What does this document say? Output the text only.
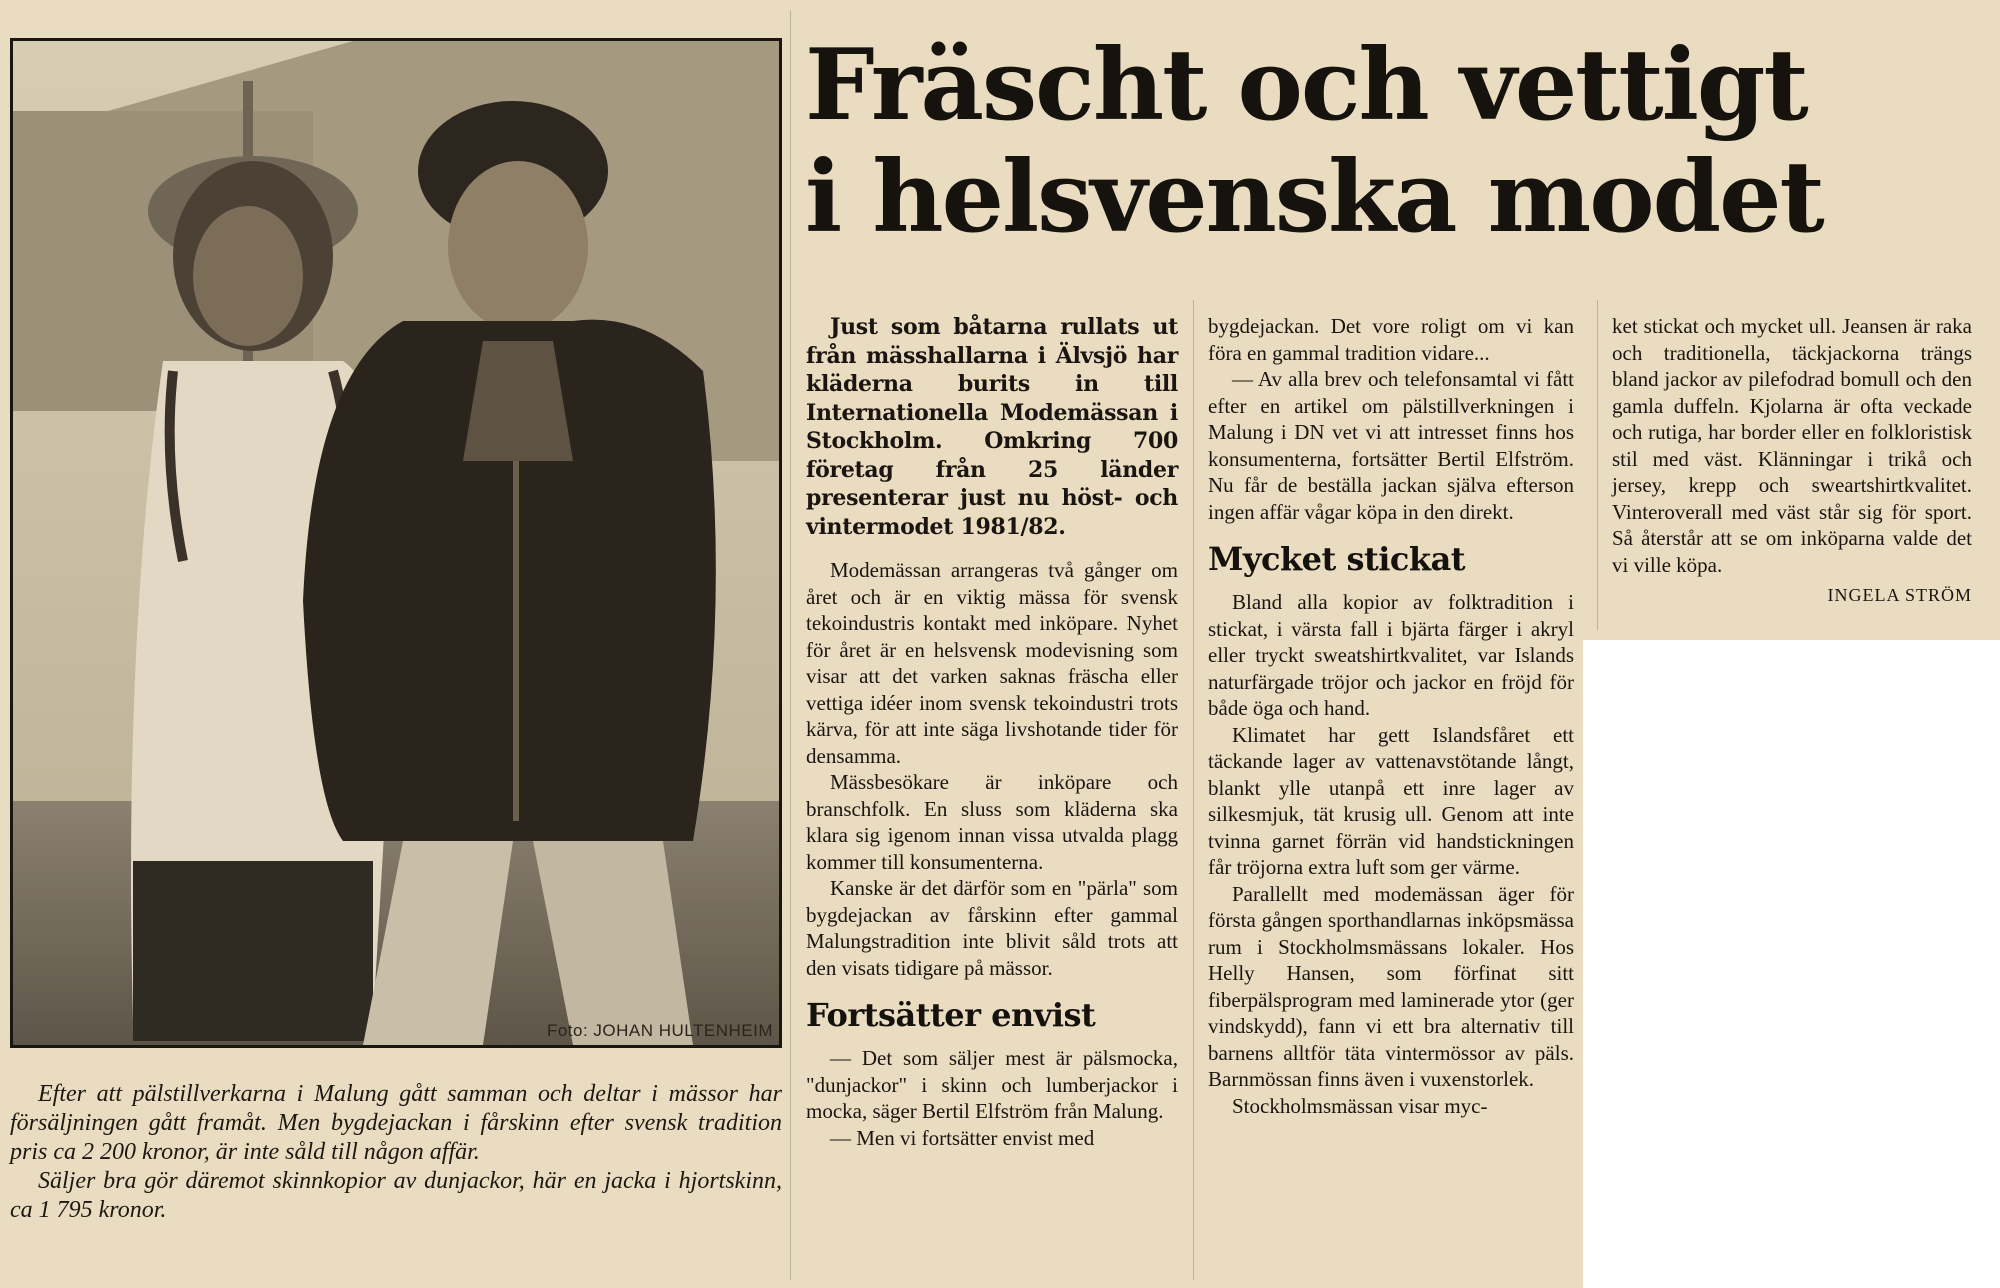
Foto: JOHAN HULTENHEIM

Efter att pälstillverkarna i Malung gått samman och deltar i mässor har försäljningen gått framåt. Men bygdejackan i fårskinn efter svensk tradition pris ca 2 200 kronor, är inte såld till någon affär.

Säljer bra gör däremot skinnkopior av dunjackor, här en jacka i hjortskinn, ca 1 795 kronor.

Fräscht och vettigt
i helsvenska modet

Just som båtarna rullats ut från mässhallarna i Älvsjö har kläderna burits in till Internationella Modemässan i Stockholm. Omkring 700 företag från 25 länder presenterar just nu höst- och vintermodet 1981/82.

Modemässan arrangeras två gånger om året och är en viktig mässa för svensk tekoindustris kontakt med inköpare. Nyhet för året är en helsvensk modevisning som visar att det varken saknas fräscha eller vettiga idéer inom svensk tekoindustri trots kärva, för att inte säga livshotande tider för densamma.

Mässbesökare är inköpare och branschfolk. En sluss som kläderna ska klara sig igenom innan vissa utvalda plagg kommer till konsumenterna.

Kanske är det därför som en "pärla" som bygdejackan av fårskinn efter gammal Malungstradition inte blivit såld trots att den visats tidigare på mässor.

Fortsätter envist

— Det som säljer mest är pälsmocka, "dunjackor" i skinn och lumberjackor i mocka, säger Bertil Elfström från Malung.

— Men vi fortsätter envist med

bygdejackan. Det vore roligt om vi kan föra en gammal tradition vidare...

— Av alla brev och telefonsamtal vi fått efter en artikel om pälstillverkningen i Malung i DN vet vi att intresset finns hos konsumenterna, fortsätter Bertil Elfström. Nu får de beställa jackan själva efterson ingen affär vågar köpa in den direkt.

Mycket stickat

Bland alla kopior av folktradition i stickat, i värsta fall i bjärta färger i akryl eller tryckt sweatshirtkvalitet, var Islands naturfärgade tröjor och jackor en fröjd för både öga och hand.

Klimatet har gett Islandsfåret ett täckande lager av vattenavstötande långt, blankt ylle utanpå ett inre lager av silkesmjuk, tät krusig ull. Genom att inte tvinna garnet förrän vid handstickningen får tröjorna extra luft som ger värme.

Parallellt med modemässan äger för första gången sporthandlarnas inköpsmässa rum i Stockholmsmässans lokaler. Hos Helly Hansen, som förfinat sitt fiberpälsprogram med laminerade ytor (ger vindskydd), fann vi ett bra alternativ till barnens alltför täta vintermössor av päls. Barnmössan finns även i vuxenstorlek.

Stockholmsmässan visar myc-

ket stickat och mycket ull. Jeansen är raka och traditionella, täckjackorna trängs bland jackor av pilefodrad bomull och den gamla duffeln. Kjolarna är ofta veckade och rutiga, har border eller en folkloristisk stil med väst. Klänningar i trikå och jersey, krepp och sweartshirtkvalitet. Vinteroverall med väst står sig för sport. Så återstår att se om inköparna valde det vi ville köpa.

INGELA STRÖM
